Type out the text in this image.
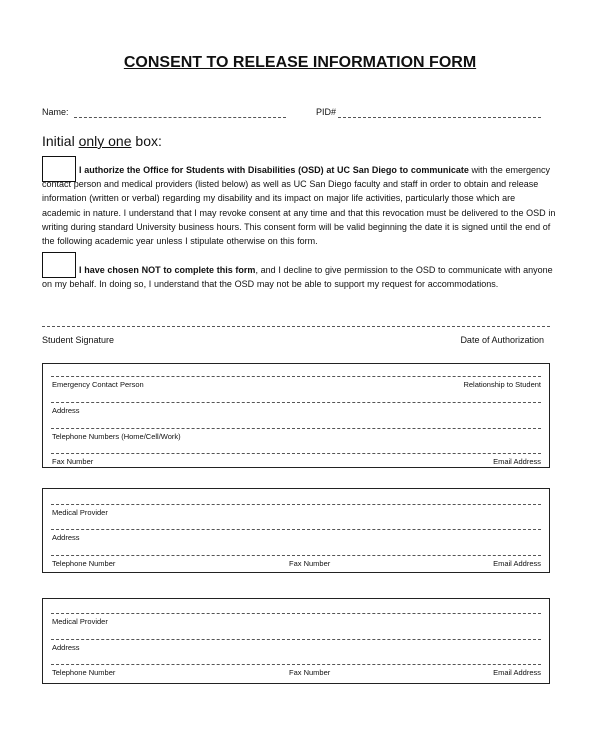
CONSENT TO RELEASE INFORMATION FORM
Name:	PID#
Initial only one box:
I authorize the Office for Students with Disabilities (OSD) at UC San Diego to communicate with the emergency contact person and medical providers (listed below) as well as UC San Diego faculty and staff in order to obtain and release information (written or verbal) regarding my disability and its impact on major life activities, particularly those which are academic in nature. I understand that I may revoke consent at any time and that this revocation must be delivered to the OSD in writing during standard University business hours. This consent form will be valid beginning the date it is signed until the end of the following academic year unless I stipulate otherwise on this form.
I have chosen NOT to complete this form, and I decline to give permission to the OSD to communicate with anyone on my behalf. In doing so, I understand that the OSD may not be able to support my request for accommodations.
Student Signature	Date of Authorization
Emergency Contact Person	Relationship to Student
Address
Telephone Numbers (Home/Cell/Work)
Fax Number	Email Address
Medical Provider
Address
Telephone Number	Fax Number	Email Address
Medical Provider
Address
Telephone Number	Fax Number	Email Address
